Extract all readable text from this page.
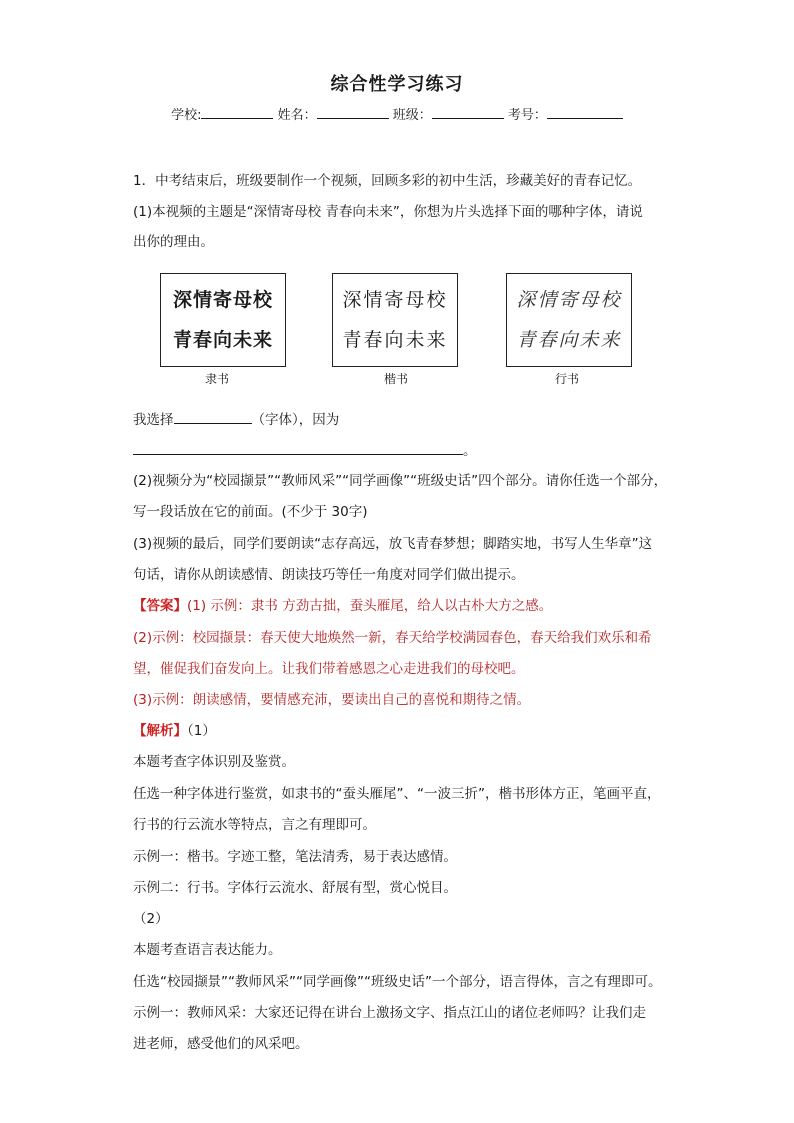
综合性学习练习
学校:	姓名：	班级：	考号：
1．中考结束后，班级要制作一个视频，回顾多彩的初中生活，珍藏美好的青春记忆。
(1)本视频的主题是“深情寄母校 青春向未来”，你想为片头选择下面的哪种字体，请说
出你的理由。
深情寄母校
青春向未来
隶书
深情寄母校
青春向未来
楷书
深情寄母校
青春向未来
行书
我选择	（字体），因为
。
(2)视频分为“校园撷景”“教师风采”“同学画像”“班级史话”四个部分。请你任选一个部分，
写一段话放在它的前面。(不少于 30字)
(3)视频的最后，同学们要朗读“志存高远，放飞青春梦想；脚踏实地，书写人生华章”这
句话，请你从朗读感情、朗读技巧等任一角度对同学们做出提示。
【答案】(1) 示例：隶书 方劲古拙，蚕头雁尾，给人以古朴大方之感。
(2)示例：校园撷景：春天使大地焕然一新，春天给学校满园春色，春天给我们欢乐和希
望，催促我们奋发向上。让我们带着感恩之心走进我们的母校吧。
(3)示例：朗读感情，要情感充沛，要读出自己的喜悦和期待之情。
【解析】（1）
本题考查字体识别及鉴赏。
任选一种字体进行鉴赏，如隶书的“蚕头雁尾”、“一波三折”，楷书形体方正，笔画平直，
行书的行云流水等特点，言之有理即可。
示例一：楷书。字迹工整，笔法清秀，易于表达感情。
示例二：行书。字体行云流水、舒展有型，赏心悦目。
（2）
本题考查语言表达能力。
任选“校园撷景”“教师风采”“同学画像”“班级史话”一个部分，语言得体，言之有理即可。
示例一：教师风采：大家还记得在讲台上激扬文字、指点江山的诸位老师吗？让我们走
进老师，感受他们的风采吧。
